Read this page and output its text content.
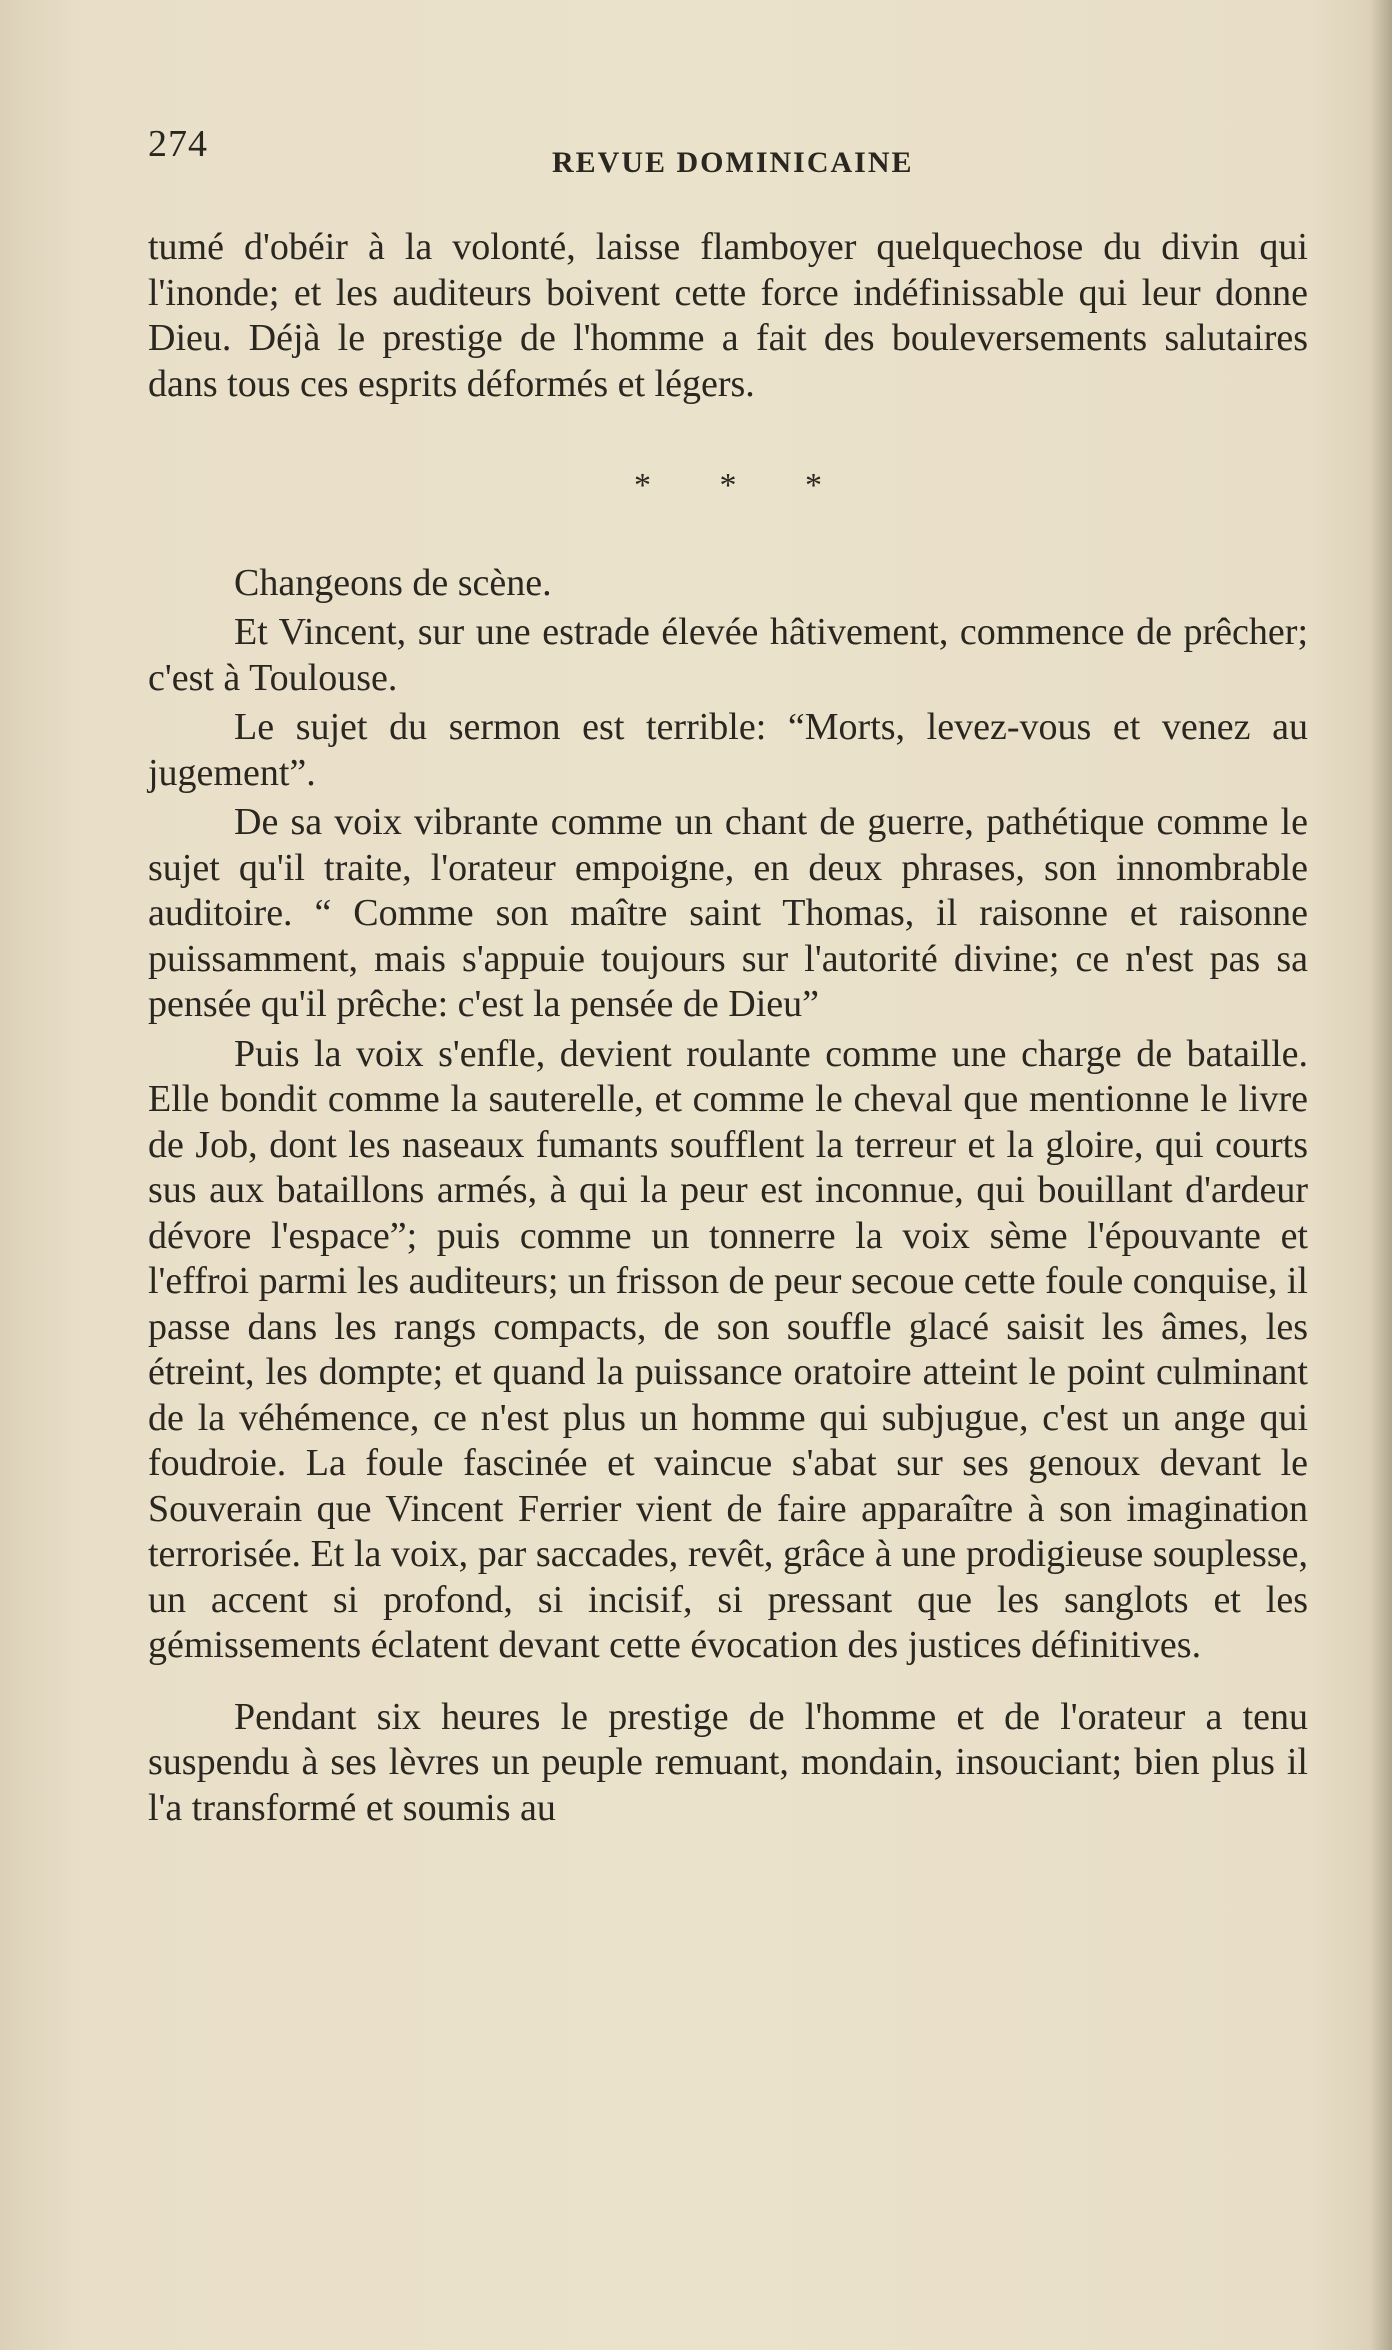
274	REVUE DOMINICAINE

tumé d'obéir à la volonté, laisse flamboyer quelquechose du divin qui l'inonde; et les auditeurs boivent cette force indéfinissable qui leur donne Dieu. Déjà le prestige de l'homme a fait des bouleversements salutaires dans tous ces esprits déformés et légers.

* * *

Changeons de scène.

Et Vincent, sur une estrade élevée hâtivement, commence de prêcher; c'est à Toulouse.

Le sujet du sermon est terrible: “Morts, levez-vous et venez au jugement”.

De sa voix vibrante comme un chant de guerre, pathétique comme le sujet qu'il traite, l'orateur empoigne, en deux phrases, son innombrable auditoire. “ Comme son maître saint Thomas, il raisonne et raisonne puissamment, mais s'appuie toujours sur l'autorité divine; ce n'est pas sa pensée qu'il prêche: c'est la pensée de Dieu”

Puis la voix s'enfle, devient roulante comme une charge de bataille. Elle bondit comme la sauterelle, et comme le cheval que mentionne le livre de Job, dont les naseaux fumants soufflent la terreur et la gloire, qui courts sus aux bataillons armés, à qui la peur est inconnue, qui bouillant d'ardeur dévore l'espace”; puis comme un tonnerre la voix sème l'épouvante et l'effroi parmi les auditeurs; un frisson de peur secoue cette foule conquise, il passe dans les rangs compacts, de son souffle glacé saisit les âmes, les étreint, les dompte; et quand la puissance oratoire atteint le point culminant de la véhémence, ce n'est plus un homme qui subjugue, c'est un ange qui foudroie. La foule fascinée et vaincue s'abat sur ses genoux devant le Souverain que Vincent Ferrier vient de faire apparaître à son imagination terrorisée. Et la voix, par saccades, revêt, grâce à une prodigieuse souplesse, un accent si profond, si incisif, si pressant que les sanglots et les gémissements éclatent devant cette évocation des justices définitives.

Pendant six heures le prestige de l'homme et de l'orateur a tenu suspendu à ses lèvres un peuple remuant, mondain, insouciant; bien plus il l'a transformé et soumis au
